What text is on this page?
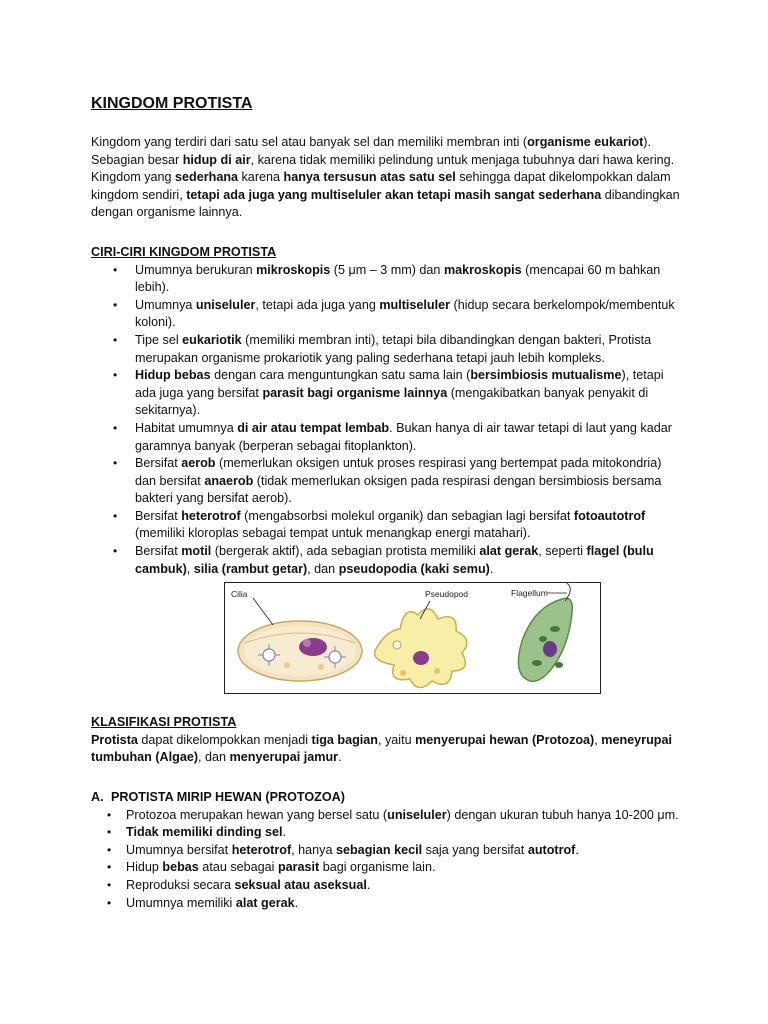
KINGDOM PROTISTA

Kingdom yang terdiri dari satu sel atau banyak sel dan memiliki membran inti (organisme eukariot). Sebagian besar hidup di air, karena tidak memiliki pelindung untuk menjaga tubuhnya dari hawa kering. Kingdom yang sederhana karena hanya tersusun atas satu sel sehingga dapat dikelompokkan dalam kingdom sendiri, tetapi ada juga yang multiseluler akan tetapi masih sangat sederhana dibandingkan dengan organisme lainnya.

CIRI-CIRI KINGDOM PROTISTA
• Umumnya berukuran mikroskopis (5 μm – 3 mm) dan makroskopis (mencapai 60 m bahkan lebih).
• Umumnya uniseluler, tetapi ada juga yang multiseluler (hidup secara berkelompok/membentuk koloni).
• Tipe sel eukariotik (memiliki membran inti), tetapi bila dibandingkan dengan bakteri, Protista merupakan organisme prokariotik yang paling sederhana tetapi jauh lebih kompleks.
• Hidup bebas dengan cara menguntungkan satu sama lain (bersimbiosis mutualisme), tetapi ada juga yang bersifat parasit bagi organisme lainnya (mengakibatkan banyak penyakit di sekitarnya).
• Habitat umumnya di air atau tempat lembab. Bukan hanya di air tawar tetapi di laut yang kadar garamnya banyak (berperan sebagai fitoplankton).
• Bersifat aerob (memerlukan oksigen untuk proses respirasi yang bertempat pada mitokondria) dan bersifat anaerob (tidak memerlukan oksigen pada respirasi dengan bersimbiosis bersama bakteri yang bersifat aerob).
• Bersifat heterotrof (mengabsorbsi molekul organik) dan sebagian lagi bersifat fotoautotrof (memiliki kloroplas sebagai tempat untuk menangkap energi matahari).
• Bersifat motil (bergerak aktif), ada sebagian protista memiliki alat gerak, seperti flagel (bulu cambuk), silia (rambut getar), dan pseudopodia (kaki semu).
Cilia	Pseudopod	Flagellum
KLASIFIKASI PROTISTA

Protista dapat dikelompokkan menjadi tiga bagian, yaitu menyerupai hewan (Protozoa), meneyrupai tumbuhan (Algae), dan menyerupai jamur.

A. PROTISTA MIRIP HEWAN (PROTOZOA)
• Protozoa merupakan hewan yang bersel satu (uniseluler) dengan ukuran tubuh hanya 10-200 μm.
• Tidak memiliki dinding sel.
• Umumnya bersifat heterotrof, hanya sebagian kecil saja yang bersifat autotrof.
• Hidup bebas atau sebagai parasit bagi organisme lain.
• Reproduksi secara seksual atau aseksual.
• Umumnya memiliki alat gerak.
